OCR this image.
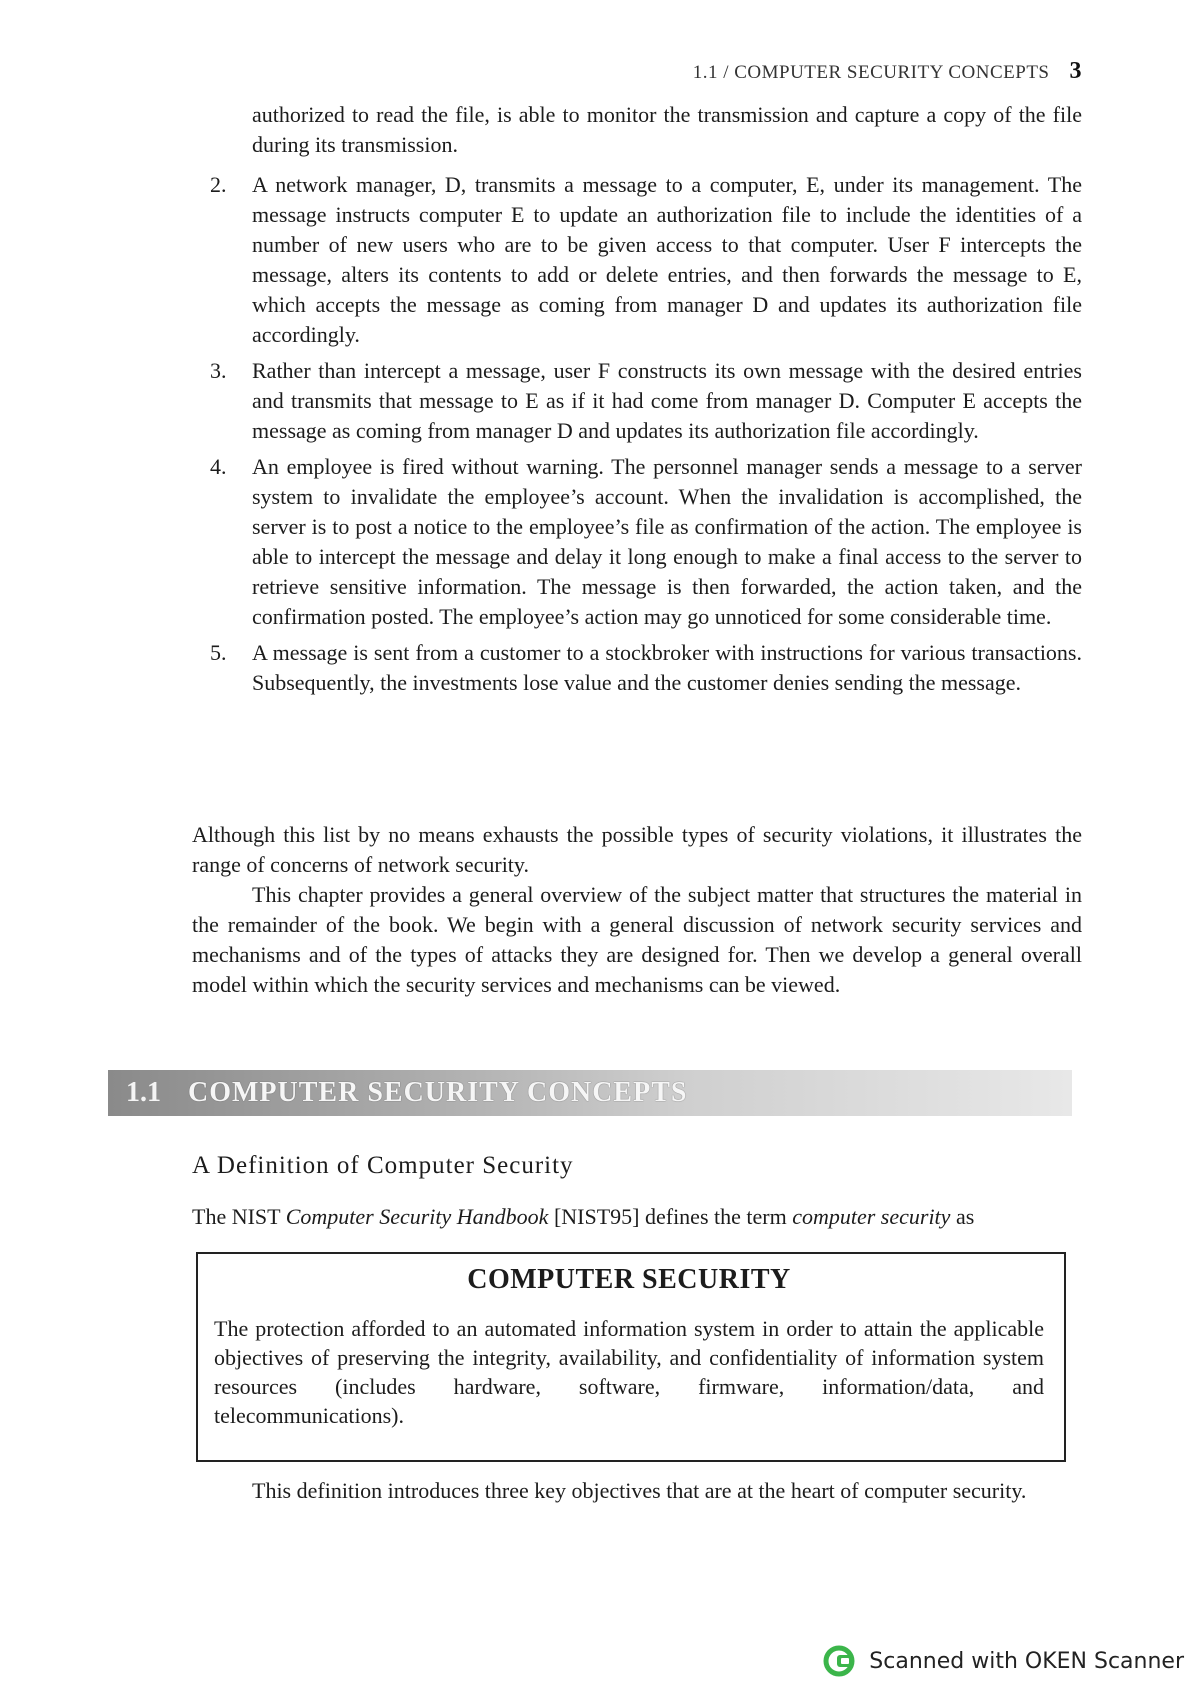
1.1 / COMPUTER SECURITY CONCEPTS 3

authorized to read the file, is able to monitor the transmission and capture a copy of the file during its transmission.

2.	A network manager, D, transmits a message to a computer, E, under its management. The message instructs computer E to update an authorization file to include the identities of a number of new users who are to be given access to that computer. User F intercepts the message, alters its contents to add or delete entries, and then forwards the message to E, which accepts the message as coming from manager D and updates its authorization file accordingly.
3.	Rather than intercept a message, user F constructs its own message with the desired entries and transmits that message to E as if it had come from manager D. Computer E accepts the message as coming from manager D and updates its authorization file accordingly.
4.	An employee is fired without warning. The personnel manager sends a message to a server system to invalidate the employee’s account. When the invalidation is accomplished, the server is to post a notice to the employee’s file as confirmation of the action. The employee is able to intercept the message and delay it long enough to make a final access to the server to retrieve sensitive information. The message is then forwarded, the action taken, and the confirmation posted. The employee’s action may go unnoticed for some considerable time.
5.	A message is sent from a customer to a stockbroker with instructions for various transactions. Subsequently, the investments lose value and the customer denies sending the message.

Although this list by no means exhausts the possible types of security violations, it illustrates the range of concerns of network security.

This chapter provides a general overview of the subject matter that structures the material in the remainder of the book. We begin with a general discussion of network security services and mechanisms and of the types of attacks they are designed for. Then we develop a general overall model within which the security services and mechanisms can be viewed.

1.1 COMPUTER SECURITY CONCEPTS
A Definition of Computer Security

The NIST Computer Security Handbook [NIST95] defines the term computer security as

COMPUTER SECURITY

The protection afforded to an automated information system in order to attain the applicable objectives of preserving the integrity, availability, and confidentiality of information system resources (includes hardware, software, firmware, information/data, and telecommunications).

This definition introduces three key objectives that are at the heart of computer security.

Scanned with OKEN Scanner
